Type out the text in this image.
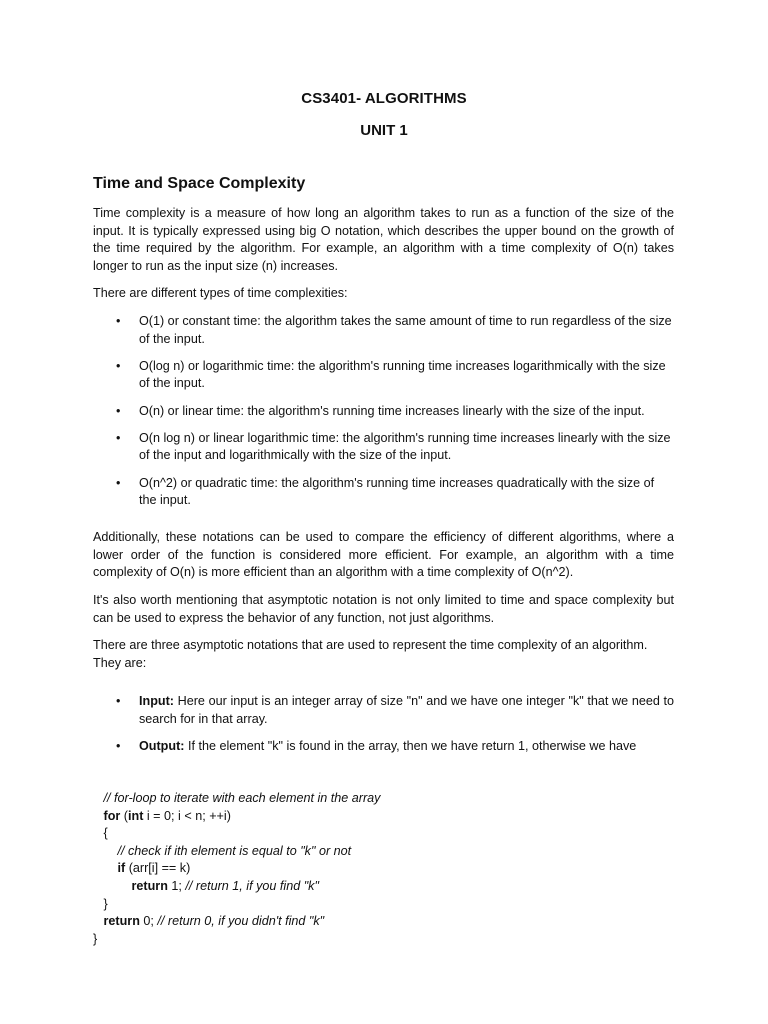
CS3401- ALGORITHMS
UNIT 1
Time and Space Complexity
Time complexity is a measure of how long an algorithm takes to run as a function of the size of the input. It is typically expressed using big O notation, which describes the upper bound on the growth of the time required by the algorithm. For example, an algorithm with a time complexity of O(n) takes longer to run as the input size (n) increases.
There are different types of time complexities:
• O(1) or constant time: the algorithm takes the same amount of time to run regardless of the size of the input.
• O(log n) or logarithmic time: the algorithm's running time increases logarithmically with the size of the input.
• O(n) or linear time: the algorithm's running time increases linearly with the size of the input.
• O(n log n) or linear logarithmic time: the algorithm's running time increases linearly with the size of the input and logarithmically with the size of the input.
• O(n^2) or quadratic time: the algorithm's running time increases quadratically with the size of the input.
Additionally, these notations can be used to compare the efficiency of different algorithms, where a lower order of the function is considered more efficient. For example, an algorithm with a time complexity of O(n) is more efficient than an algorithm with a time complexity of O(n^2).
It's also worth mentioning that asymptotic notation is not only limited to time and space complexity but can be used to express the behavior of any function, not just algorithms.
There are three asymptotic notations that are used to represent the time complexity of an algorithm. They are:
• Input: Here our input is an integer array of size "n" and we have one integer "k" that we need to search for in that array.
• Output: If the element "k" is found in the array, then we have return 1, otherwise we have
// for-loop to iterate with each element in the array
for (int i = 0; i < n; ++i)
{
// check if ith element is equal to "k" or not
if (arr[i] == k)
return 1; // return 1, if you find "k"
}
return 0; // return 0, if you didn't find "k"
}
